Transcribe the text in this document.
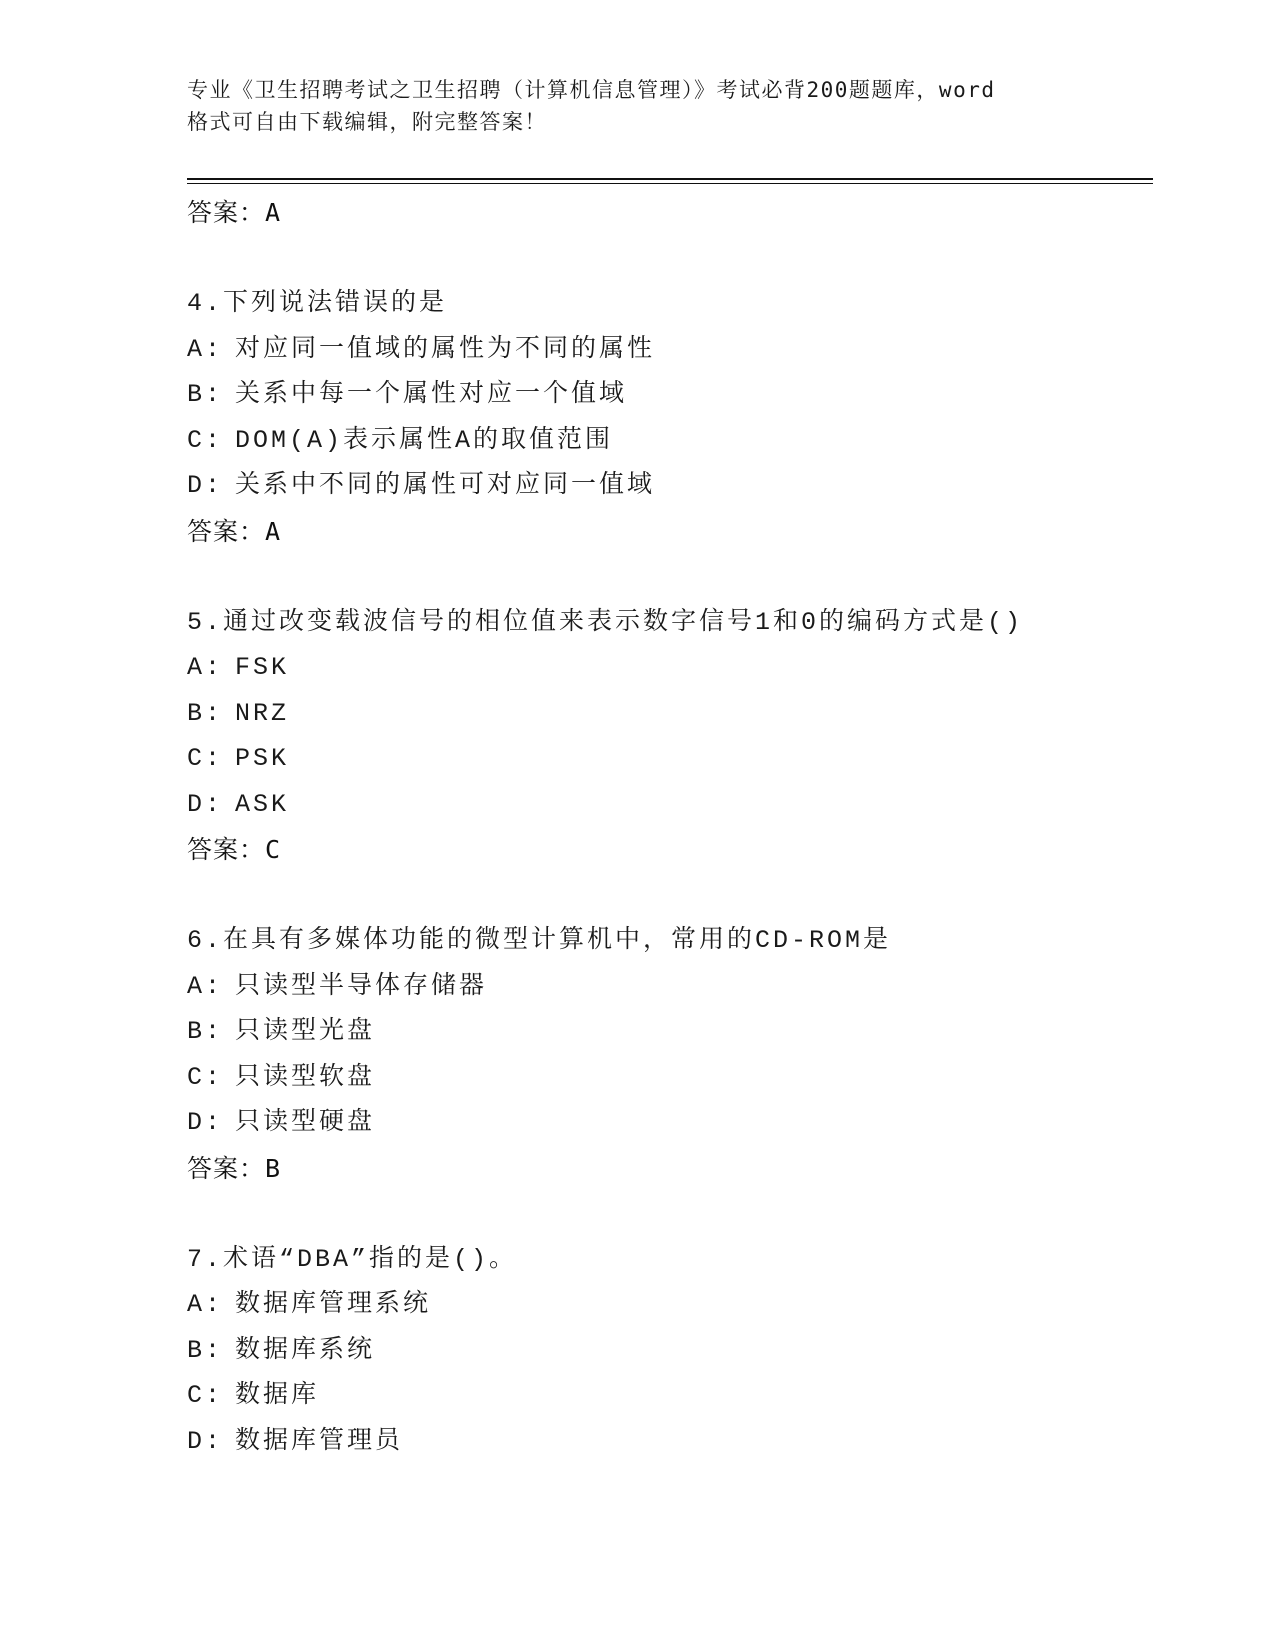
专业《卫生招聘考试之卫生招聘（计算机信息管理）》考试必背200题题库，word
格式可自由下载编辑，附完整答案！

答案：A

4.下列说法错误的是

A: 对应同一值域的属性为不同的属性

B: 关系中每一个属性对应一个值域

C: DOM(A)表示属性A的取值范围

D: 关系中不同的属性可对应同一值域

答案：A

5.通过改变载波信号的相位值来表示数字信号1和0的编码方式是()

A: FSK

B: NRZ

C: PSK

D: ASK

答案：C

6.在具有多媒体功能的微型计算机中，常用的CD-ROM是

A: 只读型半导体存储器

B: 只读型光盘

C: 只读型软盘

D: 只读型硬盘

答案：B

7.术语“DBA”指的是()。

A: 数据库管理系统

B: 数据库系统

C: 数据库

D: 数据库管理员
